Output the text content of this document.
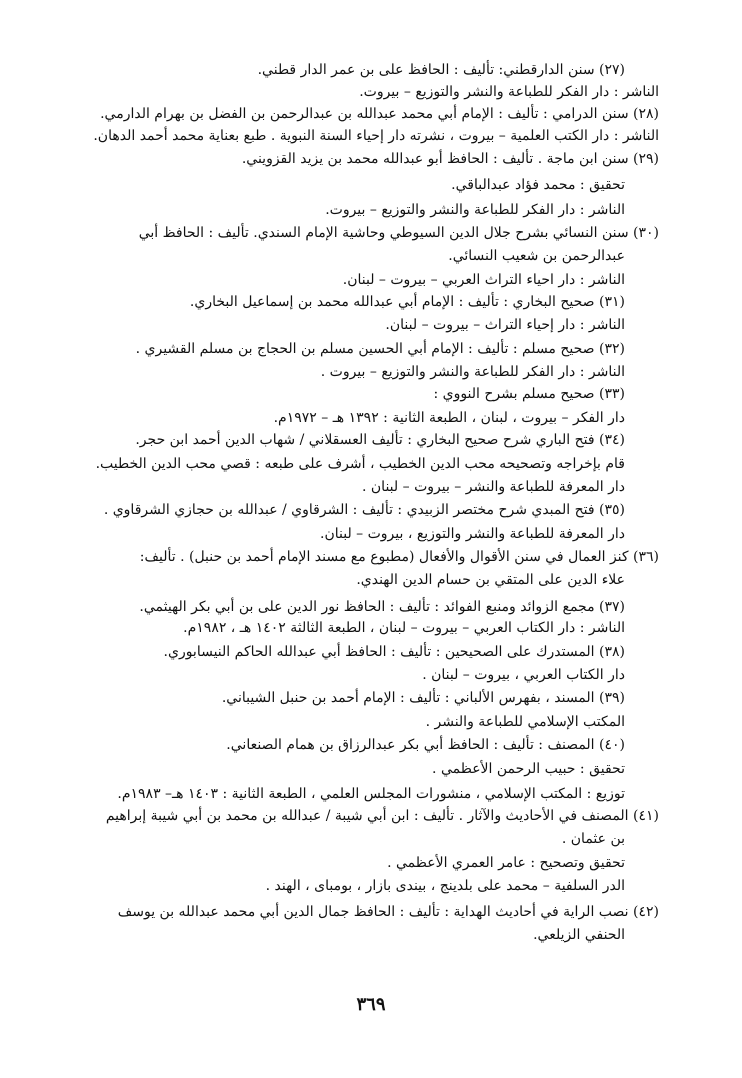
(٢٧) سنن الدارقطني: تأليف : الحافظ على بن عمر الدار قطني.
الناشر : دار الفكر للطباعة والنشر والتوزيع – بيروت.
(٢٨) سنن الدرامي : تأليف : الإمام أبي محمد عبدالله بن عبدالرحمن بن الفضل بن بهرام الدارمي.
الناشر : دار الكتب العلمية – بيروت ، نشرته دار إحياء السنة النبوية . طبع بعناية محمد أحمد الدهان.
(٢٩) سنن ابن ماجة . تأليف : الحافظ أبو عبدالله محمد بن يزيد القزويني.
تحقيق : محمد فؤاد عبدالباقي.
الناشر : دار الفكر للطباعة والنشر والتوزيع – بيروت.
(٣٠) سنن النسائي بشرح جلال الدين السيوطي وحاشية الإمام السندي. تأليف : الحافظ أبي
عبدالرحمن بن شعيب النسائي.
الناشر : دار احياء التراث العربي – بيروت – لبنان.
(٣١) صحيح البخاري : تأليف : الإمام أبي عبدالله محمد بن إسماعيل البخاري.
الناشر : دار إحياء التراث – بيروت – لبنان.
(٣٢) صحيح مسلم : تأليف : الإمام أبي الحسين مسلم بن الحجاج بن مسلم القشيري .
الناشر : دار الفكر للطباعة والنشر والتوزيع – بيروت .
(٣٣) صحيح مسلم بشرح النووي :
دار الفكر – بيروت ، لبنان ، الطبعة الثانية : ١٣٩٢ هـ – ١٩٧٢م.
(٣٤) فتح الباري شرح صحيح البخاري : تأليف العسقلاني / شهاب الدين أحمد ابن حجر.
قام بإخراجه وتصحيحه محب الدين الخطيب ، أشرف على طبعه : قصي محب الدين الخطيب.
دار المعرفة للطباعة والنشر – بيروت – لبنان .
(٣٥) فتح المبدي شرح مختصر الزبيدي : تأليف : الشرقاوي / عبدالله بن حجازي الشرقاوي .
دار المعرفة للطباعة والنشر والتوزيع ، بيروت – لبنان.
(٣٦) كنز العمال في سنن الأقوال والأفعال (مطبوع مع مسند الإمام أحمد بن حنبل) . تأليف:
علاء الدين على المتقي بن حسام الدين الهندي.
(٣٧) مجمع الزوائد ومنبع الفوائد : تأليف : الحافظ نور الدين على بن أبي بكر الهيثمي.
الناشر : دار الكتاب العربي – بيروت – لبنان ، الطبعة الثالثة ١٤٠٢ هـ ، ١٩٨٢م.
(٣٨) المستدرك على الصحيحين : تأليف : الحافظ أبي عبدالله الحاكم النيسابوري.
دار الكتاب العربي ، بيروت – لبنان .
(٣٩) المسند ، بفهرس الألباني : تأليف : الإمام أحمد بن حنبل الشيباني.
المكتب الإسلامي للطباعة والنشر .
(٤٠) المصنف : تأليف : الحافظ أبي بكر عبدالرزاق بن همام الصنعاني.
تحقيق : حبيب الرحمن الأعظمي .
توزيع : المكتب الإسلامي ، منشورات المجلس العلمي ، الطبعة الثانية : ١٤٠٣ هـ– ١٩٨٣م.
(٤١) المصنف في الأحاديث والآثار . تأليف : ابن أبي شيبة / عبدالله بن محمد بن أبي شيبة إبراهيم
بن عثمان .
تحقيق وتصحيح : عامر العمري الأعظمي .
الدر السلفية – محمد على بلدينج ، بيندى بازار ، بومباى ، الهند .
(٤٢) نصب الراية في أحاديث الهداية : تأليف : الحافظ جمال الدين أبي محمد عبدالله بن يوسف
الحنفي الزيلعي.
٣٦٩
